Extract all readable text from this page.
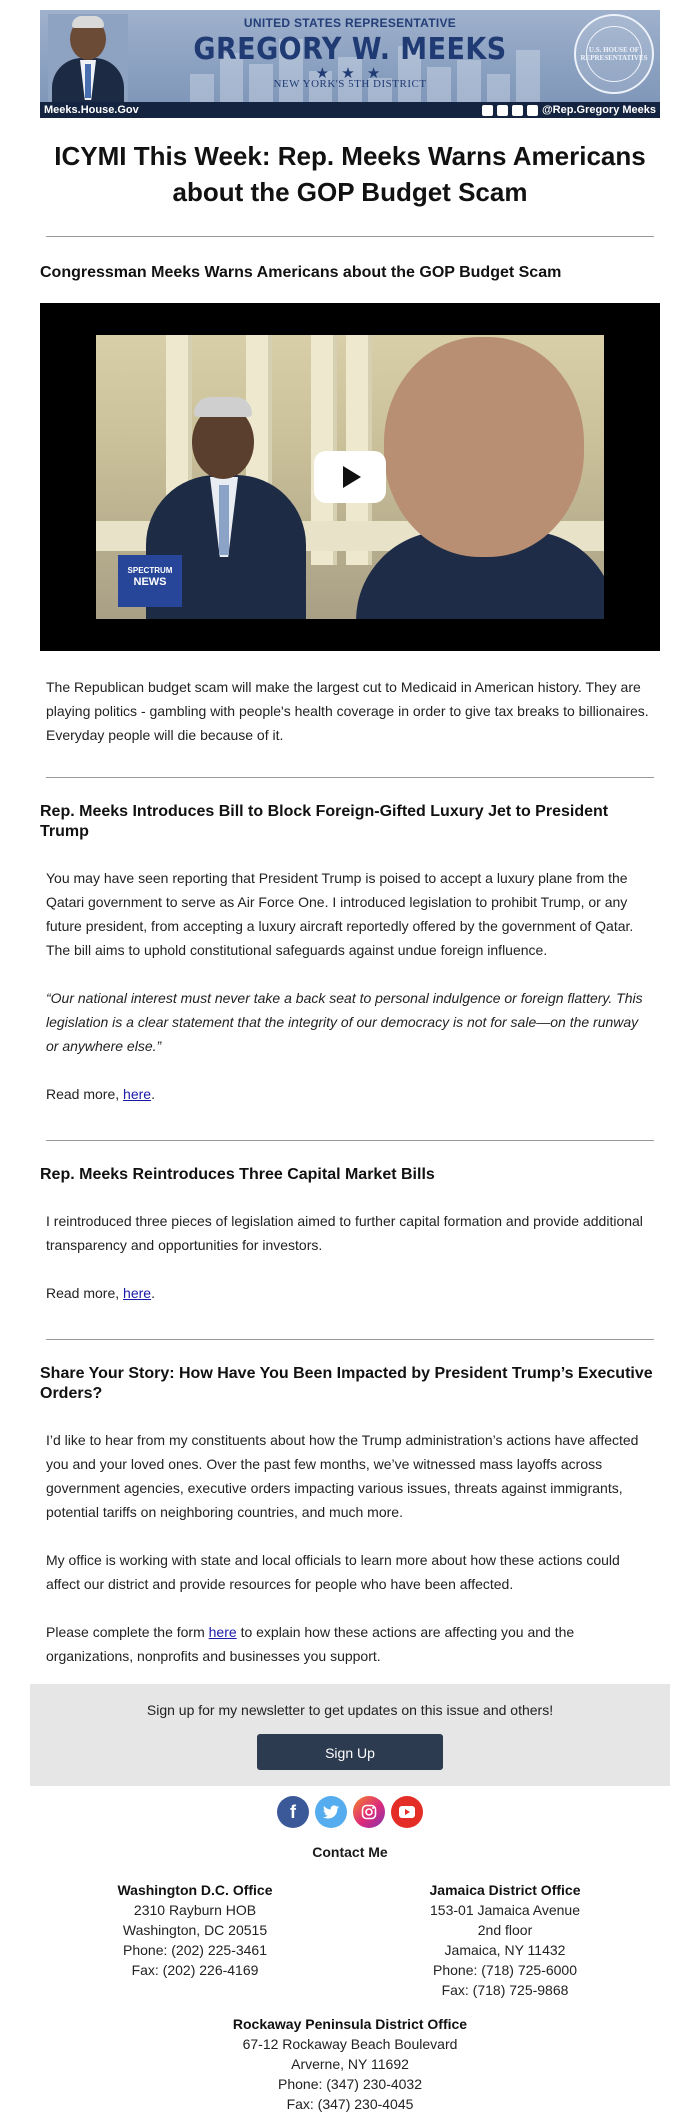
UNITED STATES REPRESENTATIVE
GREGORY W. MEEKS
★ ★ ★
NEW YORK'S 5TH DISTRICT
U.S. HOUSE OF REPRESENTATIVES
Meeks.House.Gov	@Rep.Gregory Meeks
ICYMI This Week: Rep. Meeks Warns Americans about the GOP Budget Scam
Congressman Meeks Warns Americans about the GOP Budget Scam
SPECTRUM
NEWS

The Republican budget scam will make the largest cut to Medicaid in American history. They are playing politics - gambling with people's health coverage in order to give tax breaks to billionaires. Everyday people will die because of it.

Rep. Meeks Introduces Bill to Block Foreign-Gifted Luxury Jet to President Trump

You may have seen reporting that President Trump is poised to accept a luxury plane from the Qatari government to serve as Air Force One. I introduced legislation to prohibit Trump, or any future president, from accepting a luxury aircraft reportedly offered by the government of Qatar. The bill aims to uphold constitutional safeguards against undue foreign influence.

“Our national interest must never take a back seat to personal indulgence or foreign flattery. This legislation is a clear statement that the integrity of our democracy is not for sale—on the runway or anywhere else.”

Read more, here.

Rep. Meeks Reintroduces Three Capital Market Bills

I reintroduced three pieces of legislation aimed to further capital formation and provide additional transparency and opportunities for investors.

Read more, here.

Share Your Story: How Have You Been Impacted by President Trump’s Executive Orders?

I’d like to hear from my constituents about how the Trump administration’s actions have affected you and your loved ones. Over the past few months, we’ve witnessed mass layoffs across government agencies, executive orders impacting various issues, threats against immigrants, potential tariffs on neighboring countries, and much more.

My office is working with state and local officials to learn more about how these actions could affect our district and provide resources for people who have been affected.

Please complete the form here to explain how these actions are affecting you and the organizations, nonprofits and businesses you support.

Sign up for my newsletter to get updates on this issue and others!
Sign Up
f
Contact Me
Washington D.C. Office
2310 Rayburn HOB
Washington, DC 20515
Phone: (202) 225-3461
Fax: (202) 226-4169
Jamaica District Office
153-01 Jamaica Avenue
2nd floor
Jamaica, NY 11432
Phone: (718) 725-6000
Fax: (718) 725-9868
Rockaway Peninsula District Office
67-12 Rockaway Beach Boulevard
Arverne, NY 11692
Phone: (347) 230-4032
Fax: (347) 230-4045
